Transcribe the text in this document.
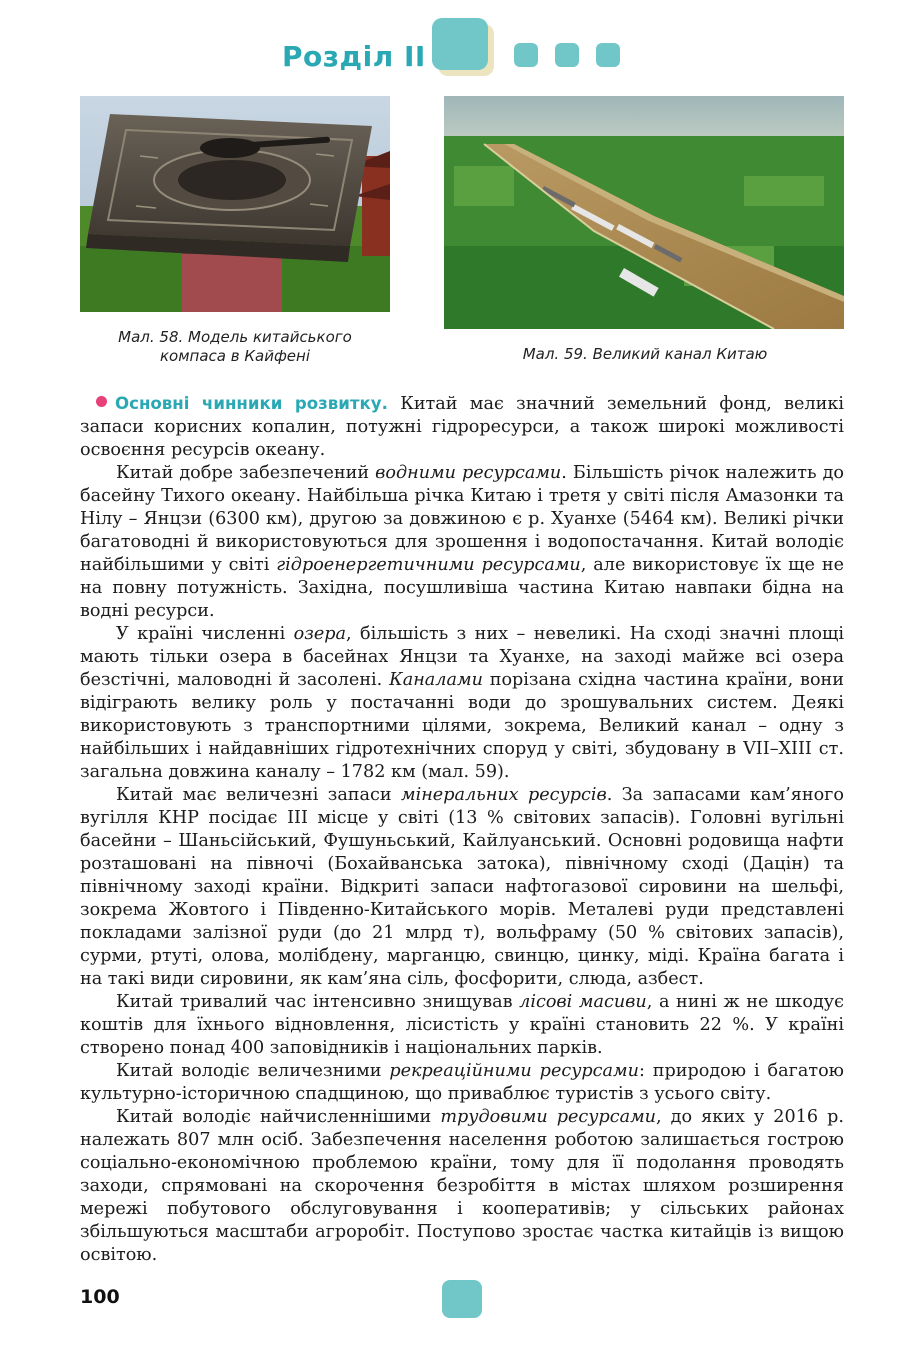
Розділ II

Мал. 58. Модель китайського компаса в Кайфені	Мал. 59. Великий канал Китаю

Основні чинники розвитку. Китай має значний земельний фонд, великі запаси корисних копалин, потужні гідроресурси, а також широкі можливості освоєння ресурсів океану.

Китай добре забезпечений водними ресурсами. Більшість річок належить до басейну Тихого океану. Найбільша річка Китаю і третя у світі після Амазонки та Нілу – Янцзи (6300 км), другою за довжиною є р. Хуанхе (5464 км). Великі річки багатоводні й використовуються для зрошення і водопостачання. Китай володіє найбільшими у світі гідроенергетичними ресурсами, але використовує їх ще не на повну потужність. Західна, посушливіша частина Китаю навпаки бідна на водні ресурси.

У країні численні озера, більшість з них – невеликі. На сході значні площі мають тільки озера в басейнах Янцзи та Хуанхе, на заході майже всі озера безстічні, маловодні й засолені. Каналами порізана східна частина країни, вони відіграють велику роль у постачанні води до зрошувальних систем. Деякі використовують з транспортними цілями, зокрема, Великий канал – одну з найбільших і найдавніших гідротехнічних споруд у світі, збудовану в VII–XIII ст. загальна довжина каналу – 1782 км (мал. 59).

Китай має величезні запаси мінеральних ресурсів. За запасами кам’яного вугілля КНР посідає ІІІ місце у світі (13 % світових запасів). Головні вугільні басейни – Шаньсійський, Фушуньський, Кайлуанський. Основні родовища нафти розташовані на півночі (Бохайванська затока), північному сході (Дацін) та північному заході країни. Відкриті запаси нафтогазової сировини на шельфі, зокрема Жовтого і Південно-Китайського морів. Металеві руди представлені покладами залізної руди (до 21 млрд т), вольфраму (50 % світових запасів), сурми, ртуті, олова, молібдену, марганцю, свинцю, цинку, міді. Країна багата і на такі види сировини, як кам’яна сіль, фосфорити, слюда, азбест.

Китай тривалий час інтенсивно знищував лісові масиви, а нині ж не шкодує коштів для їхнього відновлення, лісистість у країні становить 22 %. У країні створено понад 400 заповідників і національних парків.

Китай володіє величезними рекреаційними ресурсами: природою і багатою культурно-історичною спадщиною, що приваблює туристів з усього світу.

Китай володіє найчисленнішими трудовими ресурсами, до яких у 2016 р. належать 807 млн осіб. Забезпечення населення роботою залишається гострою соціально-економічною проблемою країни, тому для її подолання проводять заходи, спрямовані на скорочення безробіття в містах шляхом розширення мережі побутового обслуговування і кооперативів; у сільських районах збільшуються масштаби агроробіт. Поступово зростає частка китайців із вищою освітою.

100
